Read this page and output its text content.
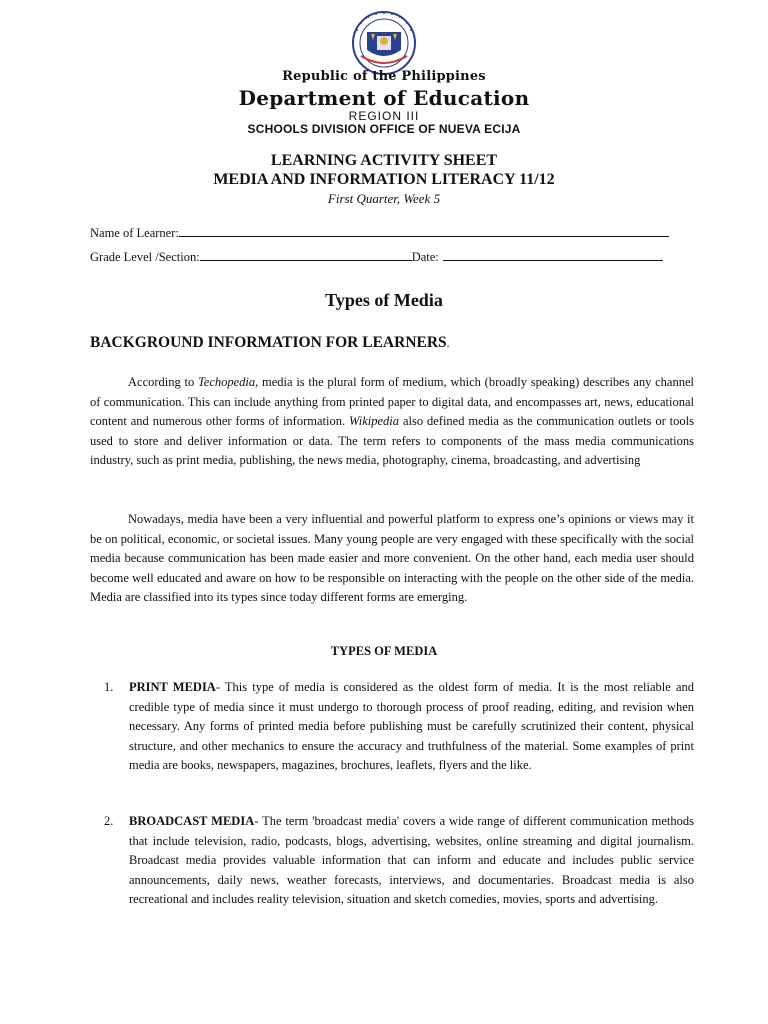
Republic of the Philippines
Department of Education
REGION III
SCHOOLS DIVISION OFFICE OF NUEVA ECIJA
LEARNING ACTIVITY SHEET
MEDIA AND INFORMATION LITERACY 11/12
First Quarter, Week 5
Name of Learner:
Grade Level /Section:	Date:
Types of Media
BACKGROUND INFORMATION FOR LEARNERS.

According to Techopedia, media is the plural form of medium, which (broadly speaking) describes any channel of communication. This can include anything from printed paper to digital data, and encompasses art, news, educational content and numerous other forms of information. Wikipedia also defined media as the communication outlets or tools used to store and deliver information or data. The term refers to components of the mass media communications industry, such as print media, publishing, the news media, photography, cinema, broadcasting, and advertising

Nowadays, media have been a very influential and powerful platform to express one’s opinions or views may it be on political, economic, or societal issues. Many young people are very engaged with these specifically with the social media because communication has been made easier and more convenient. On the other hand, each media user should become well educated and aware on how to be responsible on interacting with the people on the other side of the media. Media are classified into its types since today different forms are emerging.

TYPES OF MEDIA
1. PRINT MEDIA- This type of media is considered as the oldest form of media. It is the most reliable and credible type of media since it must undergo to thorough process of proof reading, editing, and revision when necessary. Any forms of printed media before publishing must be carefully scrutinized their content, physical structure, and other mechanics to ensure the accuracy and truthfulness of the material. Some examples of print media are books, newspapers, magazines, brochures, leaflets, flyers and the like.
2. BROADCAST MEDIA- The term 'broadcast media' covers a wide range of different communication methods that include television, radio, podcasts, blogs, advertising, websites, online streaming and digital journalism. Broadcast media provides valuable information that can inform and educate and includes public service announcements, daily news, weather forecasts, interviews, and documentaries. Broadcast media is also recreational and includes reality television, situation and sketch comedies, movies, sports and advertising.
